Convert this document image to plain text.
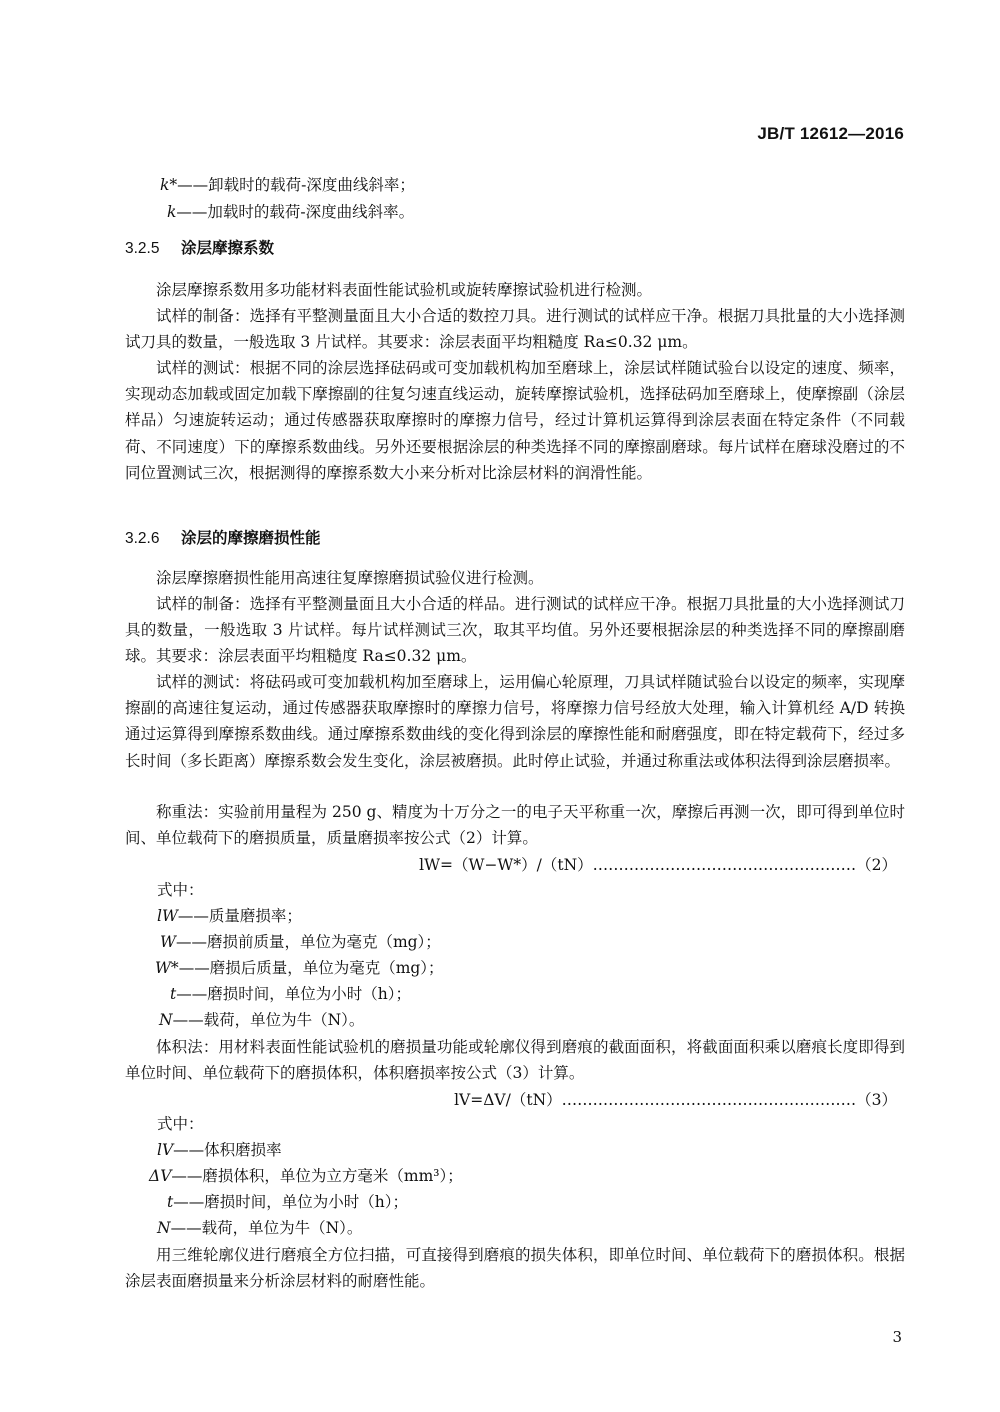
JB/T 12612—2016
k*——卸载时的载荷-深度曲线斜率；
k——加载时的载荷-深度曲线斜率。
3.2.5 涂层摩擦系数
涂层摩擦系数用多功能材料表面性能试验机或旋转摩擦试验机进行检测。
试样的制备：选择有平整测量面且大小合适的数控刀具。进行测试的试样应干净。根据刀具批量的大小选择测试刀具的数量，一般选取 3 片试样。其要求：涂层表面平均粗糙度 Ra≤0.32 μm。
试样的测试：根据不同的涂层选择砝码或可变加载机构加至磨球上，涂层试样随试验台以设定的速度、频率，实现动态加载或固定加载下摩擦副的往复匀速直线运动，旋转摩擦试验机，选择砝码加至磨球上，使摩擦副（涂层样品）匀速旋转运动；通过传感器获取摩擦时的摩擦力信号，经过计算机运算得到涂层表面在特定条件（不同载荷、不同速度）下的摩擦系数曲线。另外还要根据涂层的种类选择不同的摩擦副磨球。每片试样在磨球没磨过的不同位置测试三次，根据测得的摩擦系数大小来分析对比涂层材料的润滑性能。
3.2.6 涂层的摩擦磨损性能
涂层摩擦磨损性能用高速往复摩擦磨损试验仪进行检测。
试样的制备：选择有平整测量面且大小合适的样品。进行测试的试样应干净。根据刀具批量的大小选择测试刀具的数量，一般选取 3 片试样。每片试样测试三次，取其平均值。另外还要根据涂层的种类选择不同的摩擦副磨球。其要求：涂层表面平均粗糙度 Ra≤0.32 μm。
试样的测试：将砝码或可变加载机构加至磨球上，运用偏心轮原理，刀具试样随试验台以设定的频率，实现摩擦副的高速往复运动，通过传感器获取摩擦时的摩擦力信号，将摩擦力信号经放大处理，输入计算机经 A/D 转换通过运算得到摩擦系数曲线。通过摩擦系数曲线的变化得到涂层的摩擦性能和耐磨强度，即在特定载荷下，经过多长时间（多长距离）摩擦系数会发生变化，涂层被磨损。此时停止试验，并通过称重法或体积法得到涂层磨损率。
称重法：实验前用量程为 250 g、精度为十万分之一的电子天平称重一次，摩擦后再测一次，即可得到单位时间、单位载荷下的磨损质量，质量磨损率按公式（2）计算。
lW=（W−W*）/（tN）……………………………………………（2）
式中：
lW——质量磨损率；
W——磨损前质量，单位为毫克（mg）；
W*——磨损后质量，单位为毫克（mg）；
t——磨损时间，单位为小时（h）；
N——载荷，单位为牛（N）。
体积法：用材料表面性能试验机的磨损量功能或轮廓仪得到磨痕的截面面积，将截面面积乘以磨痕长度即得到单位时间、单位载荷下的磨损体积，体积磨损率按公式（3）计算。
lV=ΔV/（tN）…………………………………………………（3）
式中：
lV——体积磨损率
ΔV——磨损体积，单位为立方毫米（mm³）；
t——磨损时间，单位为小时（h）；
N——载荷，单位为牛（N）。
用三维轮廓仪进行磨痕全方位扫描，可直接得到磨痕的损失体积，即单位时间、单位载荷下的磨损体积。根据涂层表面磨损量来分析涂层材料的耐磨性能。
3
